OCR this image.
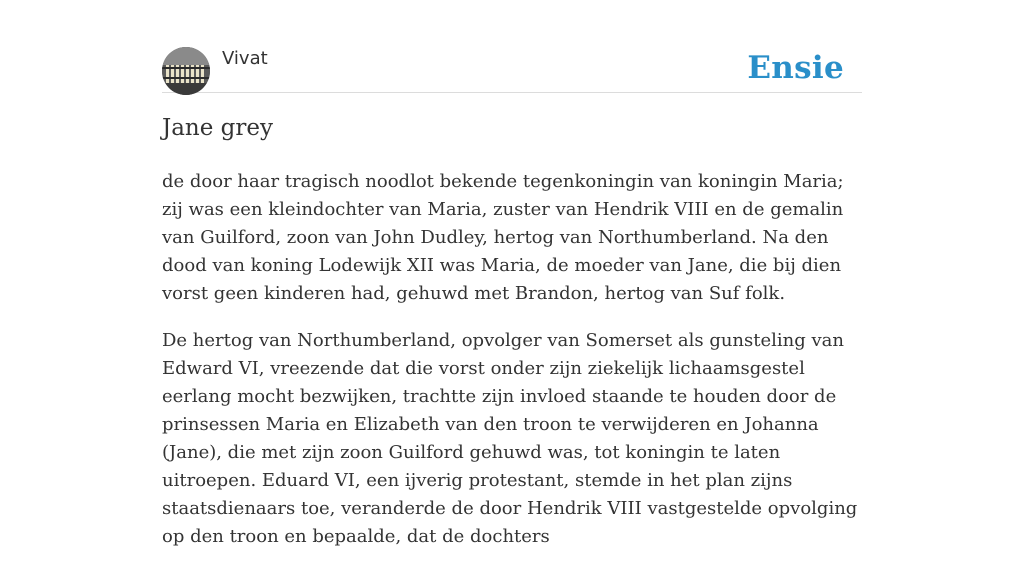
Vivat	Ensie
Jane grey

de door haar tragisch noodlot bekende tegenkoningin van koningin Maria; zij was een kleindochter van Maria, zuster van Hendrik VIII en de gemalin van Guilford, zoon van John Dudley, hertog van Northumberland. Na den dood van koning Lodewijk XII was Maria, de moeder van Jane, die bij dien vorst geen kinderen had, gehuwd met Brandon, hertog van Suf folk.

De hertog van Northumberland, opvolger van Somerset als gunsteling van Edward VI, vreezende dat die vorst onder zijn ziekelijk lichaamsgestel eerlang mocht bezwijken, trachtte zijn invloed staande te houden door de prinsessen Maria en Elizabeth van den troon te verwijderen en Johanna (Jane), die met zijn zoon Guilford gehuwd was, tot koningin te laten uitroepen. Eduard VI, een ijverig protestant, stemde in het plan zijns staatsdienaars toe, veranderde de door Hendrik VIII vastgestelde opvolging op den troon en bepaalde, dat de dochters
